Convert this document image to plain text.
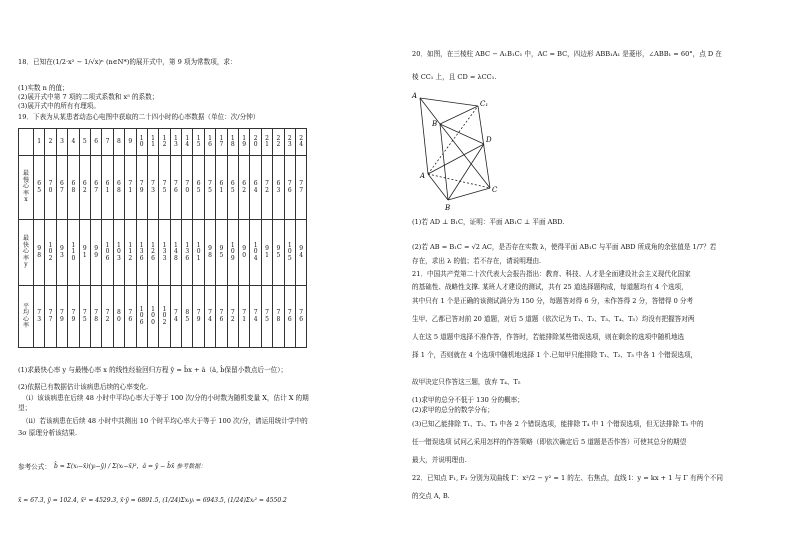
18．已知在(1/2·x² − 1/√x)ⁿ (n∈N*)的展开式中，第 9 项为常数项，求：
(1)实数 n 的值；
(2)展开式中第 7 项的二项式系数和 x⁵ 的系数；
(3)展开式中的所有有理项。
19．下表为从某患者动态心电图中获取的二十四小时的心率数据（单位：次/分钟）
	1	2	3	4	5	6	7	8	9	10	11	12	13	14	15	16	17	18	19	20	21	22	23	24
最慢心率x	65	70	67	68	62	67	61	68	71	79	73	75	76	70	65	75	61	65	62	64	72	63	76	77
最快心率y	98	102	93	110	91	99	106	103	112	136	126	133	148	136	101	98	95	109	90	104	91	95	105	94
平均心率	73	77	79	79	75	78	72	80	76	106	100	102	74	85	79	74	76	72	71	74	75	78	76	76
(1)求最快心率 y 与最慢心率 x 的线性经验回归方程 ŷ = b̂x + â（â, b̂保留小数点后一位）；
(2)依据已有数据估计该病患后续的心率变化.
（i）该该病患在后续 48 小时中平均心率大于等于 100 次/分的小时数为随机变量 X，估计 X 的期
望；
（ii）若该病患在后续 48 小时中共测出 10 个时平均心率大于等于 100 次/分，请运用统计学中的
3σ 原理分析该结果.
参考公式： b̂ = Σ(xᵢ−x̄)(yᵢ−ȳ) / Σ(xᵢ−x̄)²，â = ȳ − b̂x̄ 参考数据：
x̄ = 67.3, ȳ = 102.4, x̄² = 4529.3, x̄·ȳ = 6891.5, (1/24)Σxᵢyᵢ = 6943.5, (1/24)Σxᵢ² = 4550.2
20．如图，在三棱柱 ABC − A₁B₁C₁ 中，AC = BC，四边形 ABB₁A₁ 是菱形，∠ABB₁ = 60°，点 D 在
棱 CC₁ 上，且 CD = λCC₁.
A
C₁
B
D
A
C
B
(1)若 AD ⊥ B₁C，证明：平面 AB₁C ⊥ 平面 ABD.
(2)若 AB = B₁C = √2 AC，是否存在实数 λ，使得平面 AB₁C 与平面 ABD 所成角的余弦值是 1/7？若
存在，求出 λ 的值；若不存在，请说明理由.
21．中国共产党第二十次代表大会报告指出：教育、科技、人才是全面建设社会主义现代化国家
的基础性、战略性支撑. 某班人才建设的测试，共有 25 道选择题构成，每道题均有 4 个选项，
其中只有 1 个是正确的该测试满分为 150 分，每题答对得 6 分，未作答得 2 分，答错得 0 分考
生甲、乙都已答对前 20 道题，对后 5 道题（依次记为 T₁、T₂、T₃、T₄、T₅）均没有把握答对两
人在这 5 道题中选择不准作答，作答时，若能排除某些错误选项，则在剩余的选项中随机地选
择 1 个，否则就在 4 个选项中随机地选择 1 个.已知甲只能排除 T₁、T₂、T₃ 中各 1 个错误选项，
故甲决定只作答这三题，放弃 T₄、T₅
(1)求甲的总分不低于 130 分的概率；
(2)求甲的总分的数学分布；
(3)已知乙能排除 T₁、T₂、T₃ 中各 2 个错误选项，能排除 T₄ 中 1 个错误选项，但无法排除 T₅ 中的
任一错误选项 试问乙采用怎样的作答策略（即依次确定后 5 道题是否作答）可使其总分的期望
最大，并说明理由.
22．已知点 F₁, F₂ 分别为双曲线 Γ：x²/2 − y² = 1 的左、右焦点，直线 l：y = kx + 1 与 Γ 有两个不同
的交点 A, B.
